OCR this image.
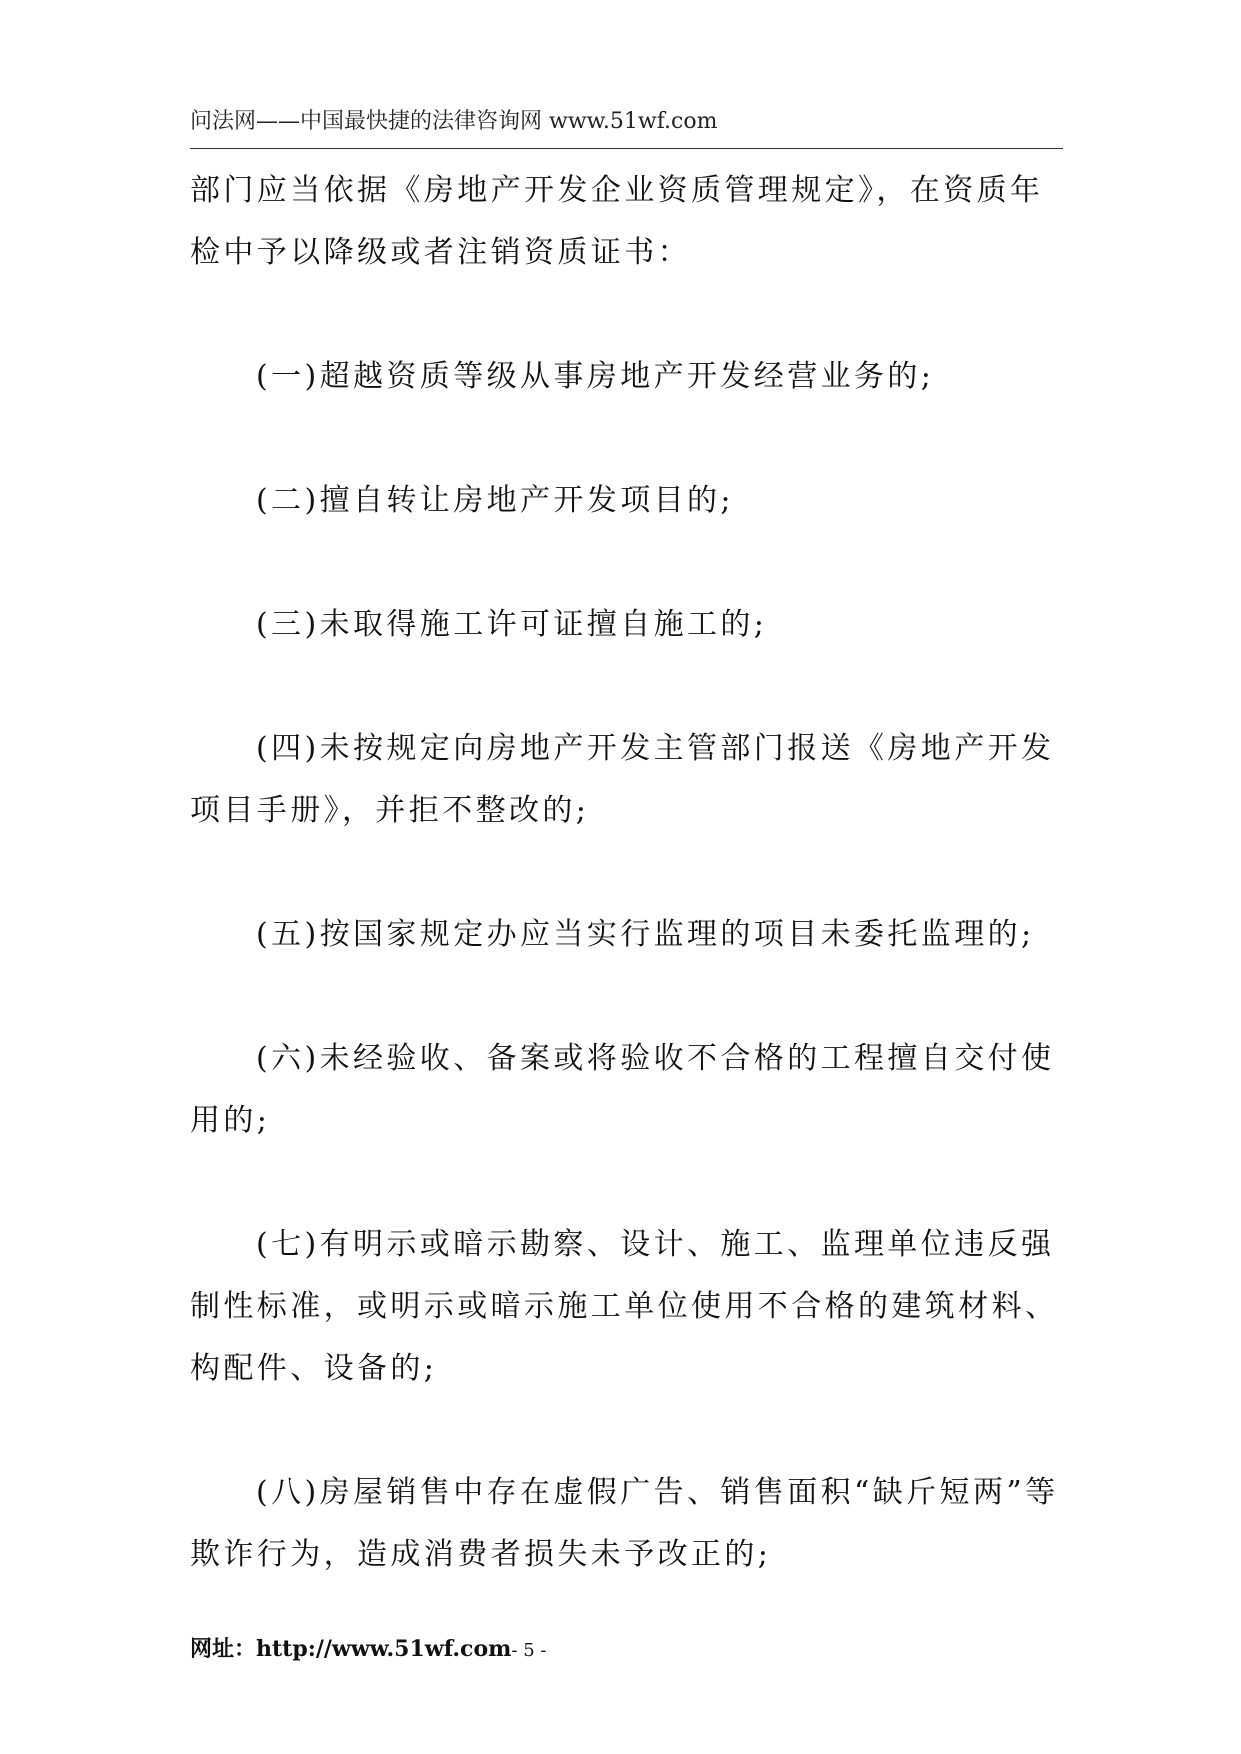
问法网——中国最快捷的法律咨询网 www.51wf.com

部门应当依据《房地产开发企业资质管理规定》，在资质年检中予以降级或者注销资质证书：

(一)超越资质等级从事房地产开发经营业务的;

(二)擅自转让房地产开发项目的;

(三)未取得施工许可证擅自施工的;

(四)未按规定向房地产开发主管部门报送《房地产开发项目手册》，并拒不整改的;

(五)按国家规定办应当实行监理的项目未委托监理的;

(六)未经验收、备案或将验收不合格的工程擅自交付使用的;

(七)有明示或暗示勘察、设计、施工、监理单位违反强制性标准，或明示或暗示施工单位使用不合格的建筑材料、构配件、设备的;

(八)房屋销售中存在虚假广告、销售面积“缺斤短两”等欺诈行为，造成消费者损失未予改正的;

网址：http://www.51wf.com- 5 -
